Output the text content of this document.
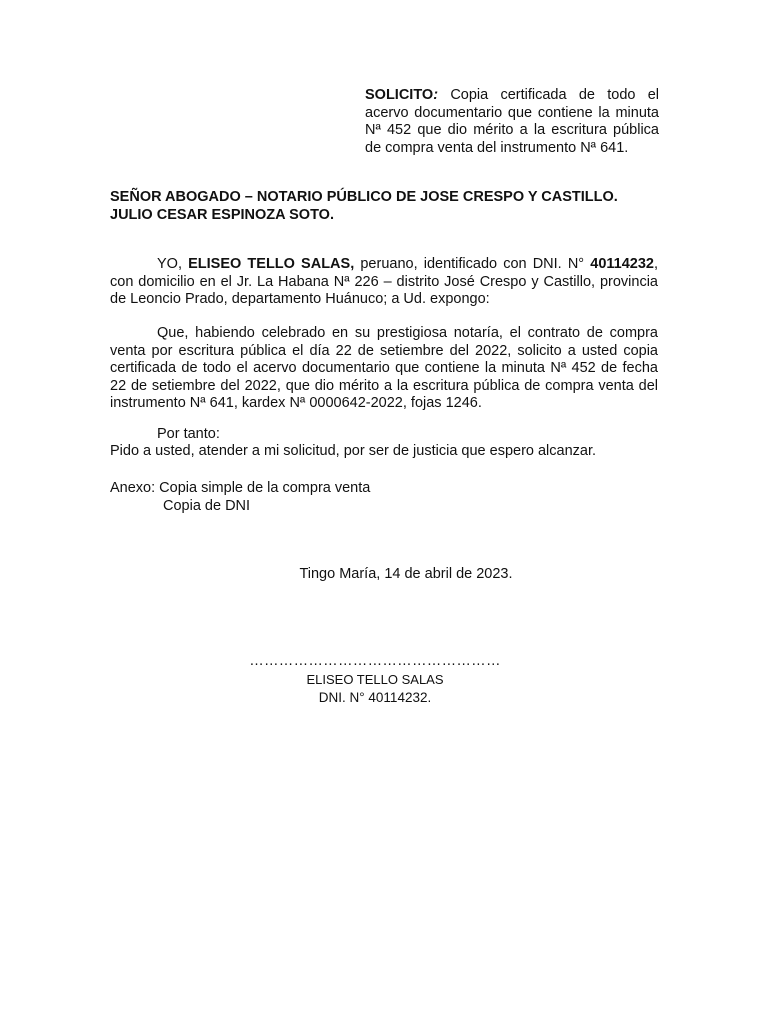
SOLICITO: Copia certificada de todo el acervo documentario que contiene la minuta Nª 452 que dio mérito a la escritura pública de compra venta del instrumento Nª 641.
SEÑOR ABOGADO – NOTARIO PÚBLICO DE JOSE CRESPO Y CASTILLO.
JULIO CESAR ESPINOZA SOTO.
YO, ELISEO TELLO SALAS, peruano, identificado con DNI. N° 40114232, con domicilio en el Jr. La Habana Nª 226 – distrito José Crespo y Castillo, provincia de Leoncio Prado, departamento Huánuco; a Ud. expongo:
Que, habiendo celebrado en su prestigiosa notaría, el contrato de compra venta por escritura pública el día 22 de setiembre del 2022, solicito a usted copia certificada de todo el acervo documentario que contiene la minuta Nª 452 de fecha 22 de setiembre del 2022, que dio mérito a la escritura pública de compra venta del instrumento Nª 641, kardex Nª 0000642-2022, fojas 1246.
Por tanto:
Pido a usted, atender a mi solicitud, por ser de justicia que espero alcanzar.
Anexo: Copia simple de la compra venta
Copia de DNI
Tingo María, 14 de abril de 2023.
……………………………………………
ELISEO TELLO SALAS
DNI. N° 40114232.
